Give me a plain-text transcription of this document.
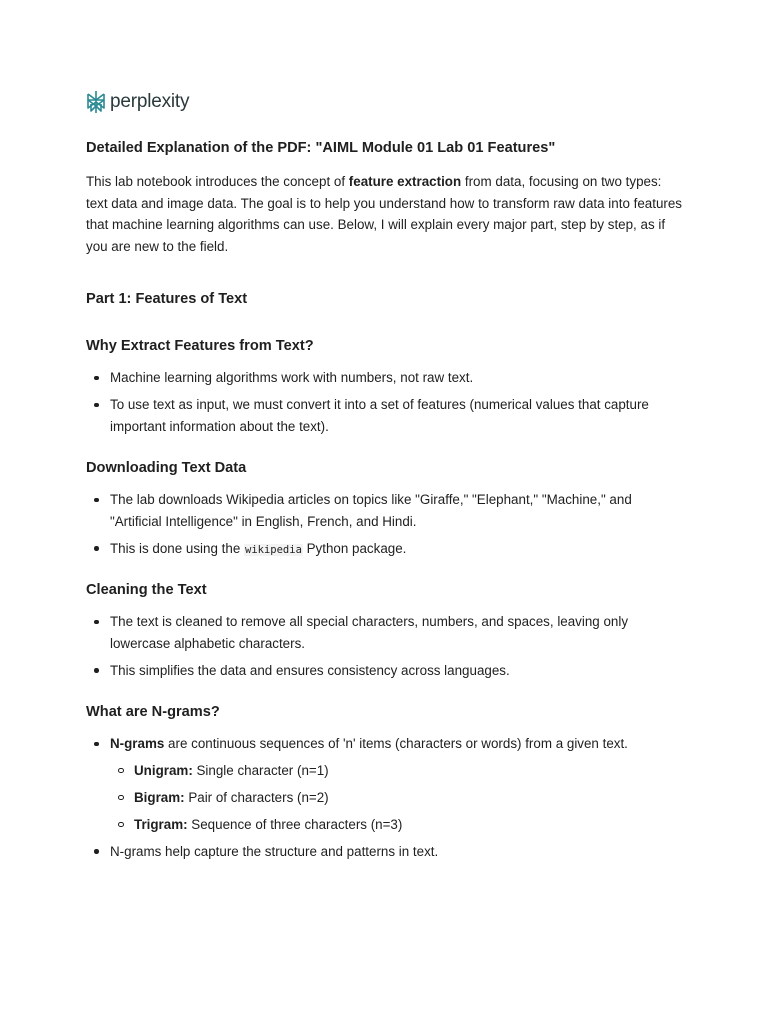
perplexity
Detailed Explanation of the PDF: "AIML Module 01 Lab 01 Features"

This lab notebook introduces the concept of feature extraction from data, focusing on two types: text data and image data. The goal is to help you understand how to transform raw data into features that machine learning algorithms can use. Below, I will explain every major part, step by step, as if you are new to the field.

Part 1: Features of Text
Why Extract Features from Text?
Machine learning algorithms work with numbers, not raw text.
To use text as input, we must convert it into a set of features (numerical values that capture important information about the text).
Downloading Text Data
The lab downloads Wikipedia articles on topics like "Giraffe," "Elephant," "Machine," and "Artificial Intelligence" in English, French, and Hindi.
This is done using the wikipedia Python package.
Cleaning the Text
The text is cleaned to remove all special characters, numbers, and spaces, leaving only lowercase alphabetic characters.
This simplifies the data and ensures consistency across languages.
What are N-grams?
N-grams are continuous sequences of 'n' items (characters or words) from a given text.
Unigram: Single character (n=1)
Bigram: Pair of characters (n=2)
Trigram: Sequence of three characters (n=3)
N-grams help capture the structure and patterns in text.
